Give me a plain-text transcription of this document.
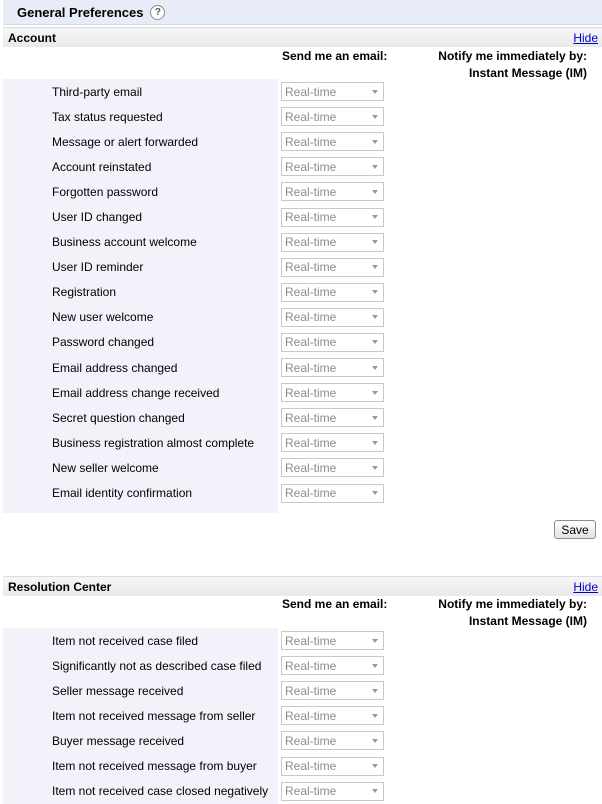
General Preferences	?
Account	Hide
Send me an email:	Notify me immediately by:
Instant Message (IM)
Third-party email	Real-time
Tax status requested	Real-time
Message or alert forwarded	Real-time
Account reinstated	Real-time
Forgotten password	Real-time
User ID changed	Real-time
Business account welcome	Real-time
User ID reminder	Real-time
Registration	Real-time
New user welcome	Real-time
Password changed	Real-time
Email address changed	Real-time
Email address change received	Real-time
Secret question changed	Real-time
Business registration almost complete	Real-time
New seller welcome	Real-time
Email identity confirmation	Real-time
Save
Resolution Center	Hide
Send me an email:	Notify me immediately by:
Instant Message (IM)
Item not received case filed	Real-time
Significantly not as described case filed	Real-time
Seller message received	Real-time
Item not received message from seller	Real-time
Buyer message received	Real-time
Item not received message from buyer	Real-time
Item not received case closed negatively	Real-time
